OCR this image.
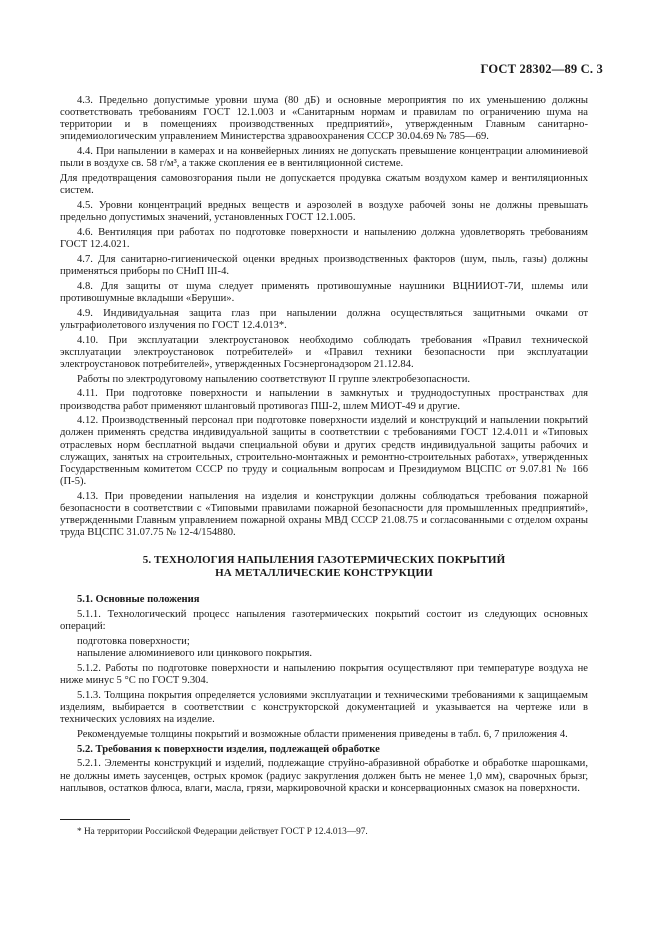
ГОСТ 28302—89 С. 3

4.3. Предельно допустимые уровни шума (80 дБ) и основные мероприятия по их уменьшению должны соответствовать требованиям ГОСТ 12.1.003 и «Санитарным нормам и правилам по ограничению шума на территории и в помещениях производственных предприятий», утвержденным Главным санитарно-эпидемиологическим управлением Министерства здравоохранения СССР 30.04.69 № 785—69.

4.4. При напылении в камерах и на конвейерных линиях не допускать превышение концентрации алюминиевой пыли в воздухе св. 58 г/м³, а также скопления ее в вентиляционной системе.

Для предотвращения самовозгорания пыли не допускается продувка сжатым воздухом камер и вентиляционных систем.

4.5. Уровни концентраций вредных веществ и аэрозолей в воздухе рабочей зоны не должны превышать предельно допустимых значений, установленных ГОСТ 12.1.005.

4.6. Вентиляция при работах по подготовке поверхности и напылению должна удовлетворять требованиям ГОСТ 12.4.021.

4.7. Для санитарно-гигиенической оценки вредных производственных факторов (шум, пыль, газы) должны применяться приборы по СНиП III-4.

4.8. Для защиты от шума следует применять противошумные наушники ВЦНИИОТ-7И, шлемы или противошумные вкладыши «Беруши».

4.9. Индивидуальная защита глаз при напылении должна осуществляться защитными очками от ультрафиолетового излучения по ГОСТ 12.4.013*.

4.10. При эксплуатации электроустановок необходимо соблюдать требования «Правил технической эксплуатации электроустановок потребителей» и «Правил техники безопасности при эксплуатации электроустановок потребителей», утвержденных Госэнергонадзором 21.12.84.

Работы по электродуговому напылению соответствуют II группе электробезопасности.

4.11. При подготовке поверхности и напылении в замкнутых и труднодоступных пространствах для производства работ применяют шланговый противогаз ПШ-2, шлем МИОТ-49 и другие.

4.12. Производственный персонал при подготовке поверхности изделий и конструкций и напылении покрытий должен применять средства индивидуальной защиты в соответствии с требованиями ГОСТ 12.4.011 и «Типовых отраслевых норм бесплатной выдачи специальной обуви и других средств индивидуальной защиты рабочих и служащих, занятых на строительных, строительно-монтажных и ремонтно-строительных работах», утвержденных Государственным комитетом СССР по труду и социальным вопросам и Президиумом ВЦСПС от 9.07.81 № 166 (П-5).

4.13. При проведении напыления на изделия и конструкции должны соблюдаться требования пожарной безопасности в соответствии с «Типовыми правилами пожарной безопасности для промышленных предприятий», утвержденными Главным управлением пожарной охраны МВД СССР 21.08.75 и согласованными с отделом охраны труда ВЦСПС 31.07.75 № 12-4/154880.

5. ТЕХНОЛОГИЯ НАПЫЛЕНИЯ ГАЗОТЕРМИЧЕСКИХ ПОКРЫТИЙ
НА МЕТАЛЛИЧЕСКИЕ КОНСТРУКЦИИ

5.1. Основные положения

5.1.1. Технологический процесс напыления газотермических покрытий состоит из следующих основных операций:

подготовка поверхности;

напыление алюминиевого или цинкового покрытия.

5.1.2. Работы по подготовке поверхности и напылению покрытия осуществляют при температуре воздуха не ниже минус 5 °С по ГОСТ 9.304.

5.1.3. Толщина покрытия определяется условиями эксплуатации и техническими требованиями к защищаемым изделиям, выбирается в соответствии с конструкторской документацией и указывается на чертеже или в технических условиях на изделие.

Рекомендуемые толщины покрытий и возможные области применения приведены в табл. 6, 7 приложения 4.

5.2. Требования к поверхности изделия, подлежащей обработке

5.2.1. Элементы конструкций и изделий, подлежащие струйно-абразивной обработке и обработке шарошками, не должны иметь заусенцев, острых кромок (радиус закругления должен быть не менее 1,0 мм), сварочных брызг, наплывов, остатков флюса, влаги, масла, грязи, маркировочной краски и консервационных смазок на поверхности.

* На территории Российской Федерации действует ГОСТ Р 12.4.013—97.
